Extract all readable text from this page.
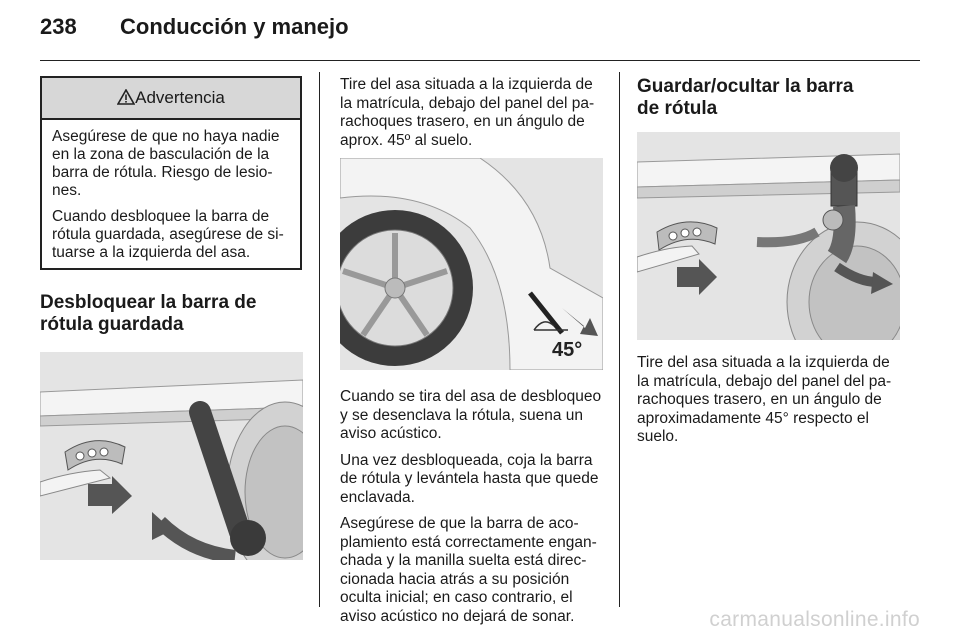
238 Conducción y manejo
Advertencia

Asegúrese de que no haya nadie en la zona de basculación de la barra de rótula. Riesgo de lesio- nes.

Cuando desbloquee la barra de rótula guardada, asegúrese de si- tuarse a la izquierda del asa.

Desbloquear la barra de rótula guardada

Tire del asa situada a la izquierda de la matrícula, debajo del panel del pa- rachoques trasero, en un ángulo de aprox. 45º al suelo.

45°

Cuando se tira del asa de desbloqueo y se desenclava la rótula, suena un aviso acústico.

Una vez desbloqueada, coja la barra de rótula y levántela hasta que quede enclavada.

Asegúrese de que la barra de aco- plamiento está correctamente engan- chada y la manilla suelta está direc- cionada hacia atrás a su posición oculta inicial; en caso contrario, el aviso acústico no dejará de sonar.

Guardar/ocultar la barra de rótula

Tire del asa situada a la izquierda de la matrícula, debajo del panel del pa- rachoques trasero, en un ángulo de aproximadamente 45° respecto el suelo.

carmanualsonline.info
